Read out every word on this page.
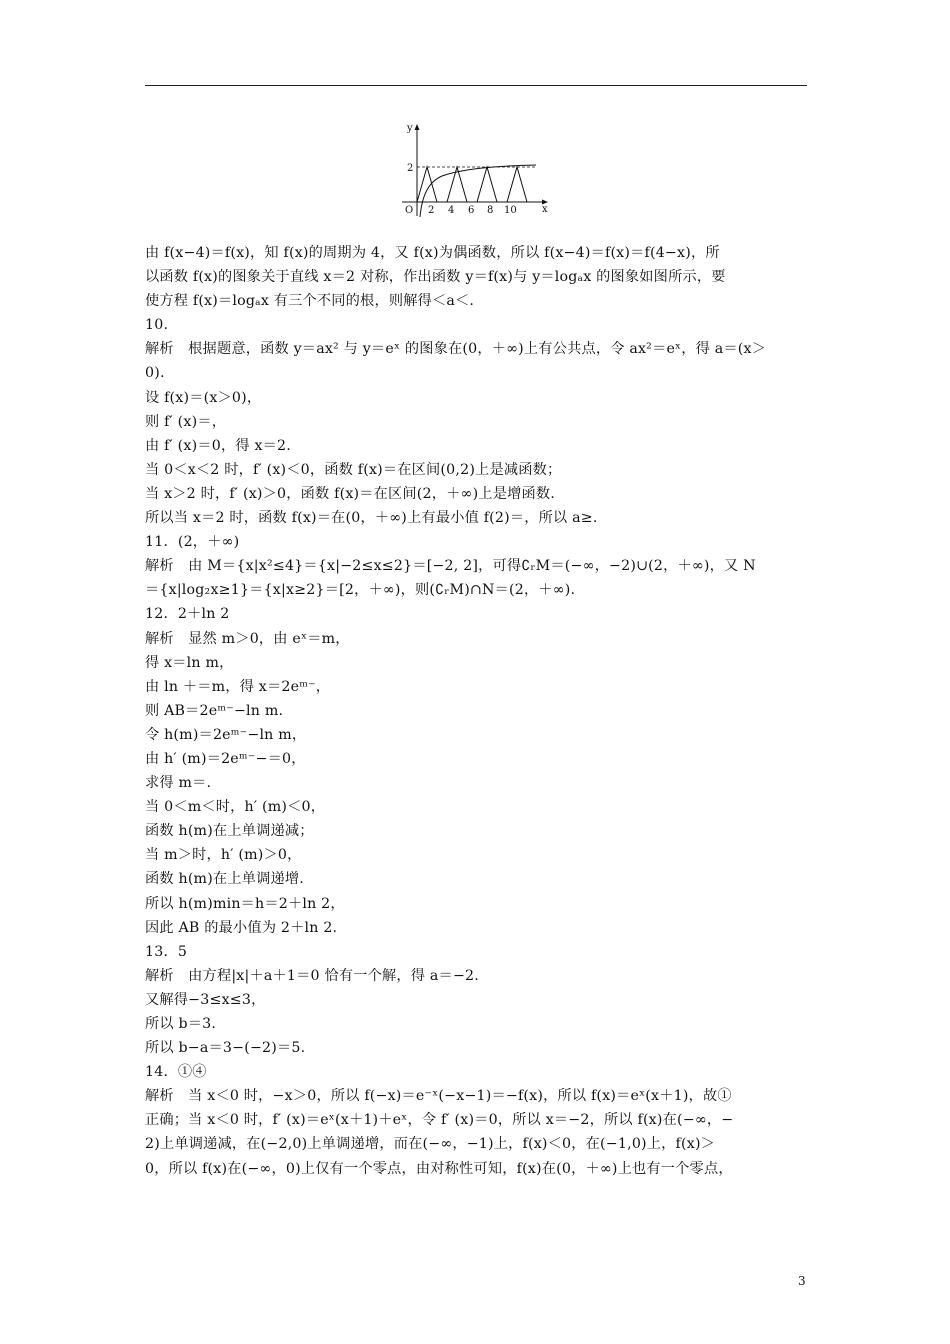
y
x
O
2
2 4 6 8 10
由 f(x−4)＝f(x)，知 f(x)的周期为 4，又 f(x)为偶函数，所以 f(x−4)＝f(x)＝f(4−x)，所
以函数 f(x)的图象关于直线 x＝2 对称，作出函数 y＝f(x)与 y＝logₐx 的图象如图所示，要
使方程 f(x)＝logₐx 有三个不同的根，则解得＜a＜.
10.
解析　根据题意，函数 y＝ax² 与 y＝eˣ 的图象在(0，＋∞)上有公共点，令 ax²＝eˣ，得 a＝(x＞
0).
设 f(x)＝(x＞0)，
则 f′ (x)＝，
由 f′ (x)＝0，得 x＝2.
当 0＜x＜2 时，f′ (x)＜0，函数 f(x)＝在区间(0,2)上是减函数；
当 x＞2 时，f′ (x)＞0，函数 f(x)＝在区间(2，＋∞)上是增函数.
所以当 x＝2 时，函数 f(x)＝在(0，＋∞)上有最小值 f(2)＝，所以 a≥.
11．(2，＋∞)
解析　由 M＝{x|x²≤4}＝{x|−2≤x≤2}＝[−2, 2]，可得∁ᵣM＝(−∞，−2)∪(2，＋∞)，又 N
＝{x|log₂x≥1}＝{x|x≥2}＝[2，＋∞)，则(∁ᵣM)∩N＝(2，＋∞).
12．2＋ln 2
解析　显然 m＞0，由 eˣ＝m，
得 x＝ln m，
由 ln ＋＝m，得 x＝2eᵐ⁻，
则 AB＝2eᵐ⁻−ln m.
令 h(m)＝2eᵐ⁻−ln m，
由 h′ (m)＝2eᵐ⁻−＝0，
求得 m＝.
当 0＜m＜时，h′ (m)＜0，
函数 h(m)在上单调递减；
当 m＞时，h′ (m)＞0，
函数 h(m)在上单调递增.
所以 h(m)min＝h＝2＋ln 2，
因此 AB 的最小值为 2＋ln 2.
13．5
解析　由方程|x|＋a＋1＝0 恰有一个解，得 a＝−2.
又解得−3≤x≤3，
所以 b＝3.
所以 b−a＝3−(−2)＝5.
14．①④
解析　当 x＜0 时，−x＞0，所以 f(−x)＝e⁻ˣ(−x−1)＝−f(x)，所以 f(x)＝eˣ(x＋1)，故①
正确；当 x＜0 时，f′ (x)＝eˣ(x＋1)＋eˣ，令 f′ (x)＝0，所以 x＝−2，所以 f(x)在(−∞，−
2)上单调递减，在(−2,0)上单调递增，而在(−∞，−1)上，f(x)＜0，在(−1,0)上，f(x)＞
0，所以 f(x)在(−∞，0)上仅有一个零点，由对称性可知，f(x)在(0，＋∞)上也有一个零点，
3
